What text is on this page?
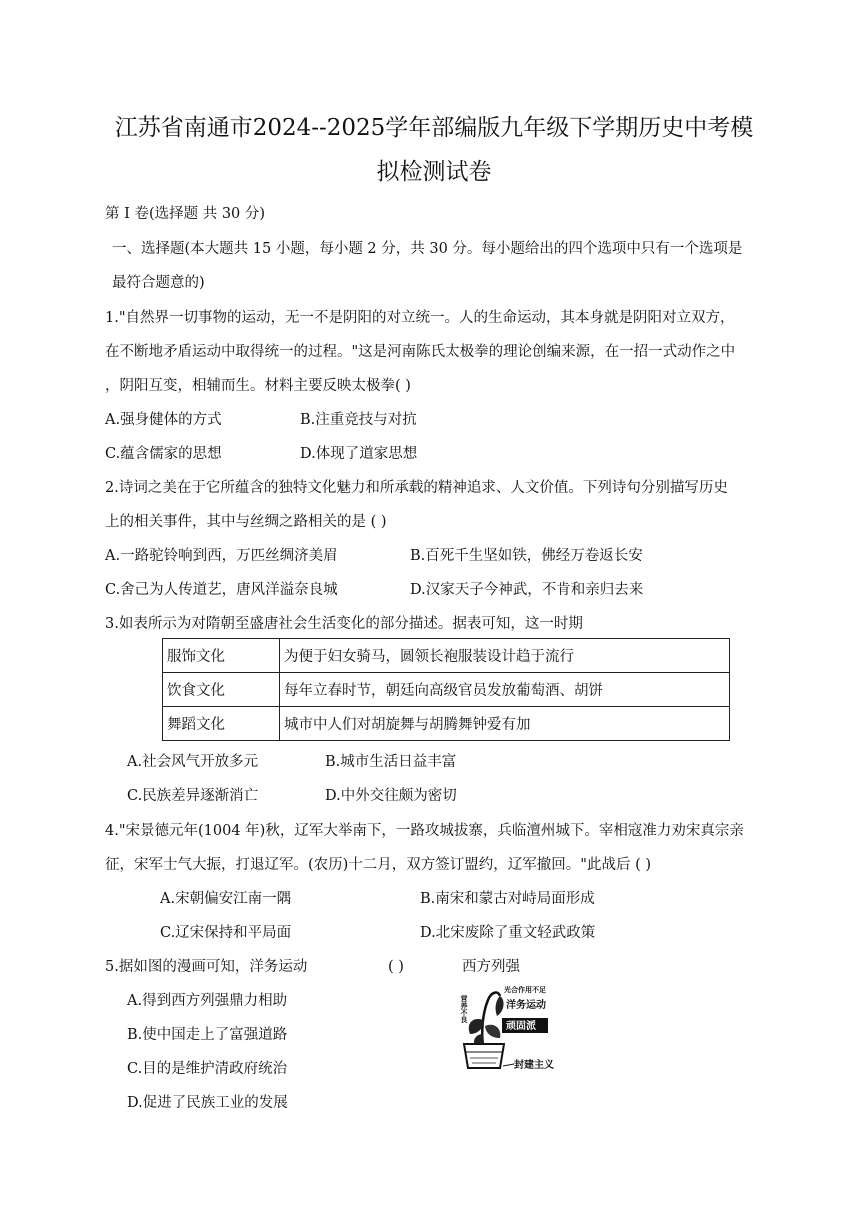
江苏省南通市2024--2025学年部编版九年级下学期历史中考模
拟检测试卷
第 I 卷(选择题 共 30 分)
一、选择题(本大题共 15 小题，每小题 2 分，共 30 分。每小题给出的四个选项中只有一个选项是
最符合题意的)
1."自然界一切事物的运动，无一不是阴阳的对立统一。人的生命运动，其本身就是阴阳对立双方，
在不断地矛盾运动中取得统一的过程。"这是河南陈氏太极拳的理论创编来源，在一招一式动作之中
，阴阳互变，相辅而生。材料主要反映太极拳( )
A.强身健体的方式	B.注重竞技与对抗
C.蕴含儒家的思想	D.体现了道家思想
2.诗词之美在于它所蕴含的独特文化魅力和所承载的精神追求、人文价值。下列诗句分别描写历史
上的相关事件，其中与丝绸之路相关的是 ( )
A.一路驼铃响到西，万匹丝绸济美眉	B.百死千生坚如铁，佛经万卷返长安
C.舍己为人传道艺，唐风洋溢奈良城	D.汉家天子今神武，不肯和亲归去来
3.如表所示为对隋朝至盛唐社会生活变化的部分描述。据表可知，这一时期
服饰文化	为便于妇女骑马，圆领长袍服装设计趋于流行
饮食文化	每年立春时节，朝廷向高级官员发放葡萄酒、胡饼
舞蹈文化	城市中人们对胡旋舞与胡腾舞钟爱有加
A.社会风气开放多元	B.城市生活日益丰富
C.民族差异逐渐消亡	D.中外交往颇为密切
4."宋景德元年(1004 年)秋，辽军大举南下，一路攻城拔寨，兵临澶州城下。宰相寇准力劝宋真宗亲
征，宋军士气大振，打退辽军。(农历)十二月，双方签订盟约，辽军撤回。"此战后 ( )
A.宋朝偏安江南一隅	B.南宋和蒙古对峙局面形成
C.辽宋保持和平局面	D.北宋废除了重文轻武政策
5.据如图的漫画可知，洋务运动	( )	西方列强
A.得到西方列强鼎力相助
B.使中国走上了富强道路
C.目的是维护清政府统治
D.促进了民族工业的发展
光合作用不足
洋务运动
营养不良
顽固派
封建主义
